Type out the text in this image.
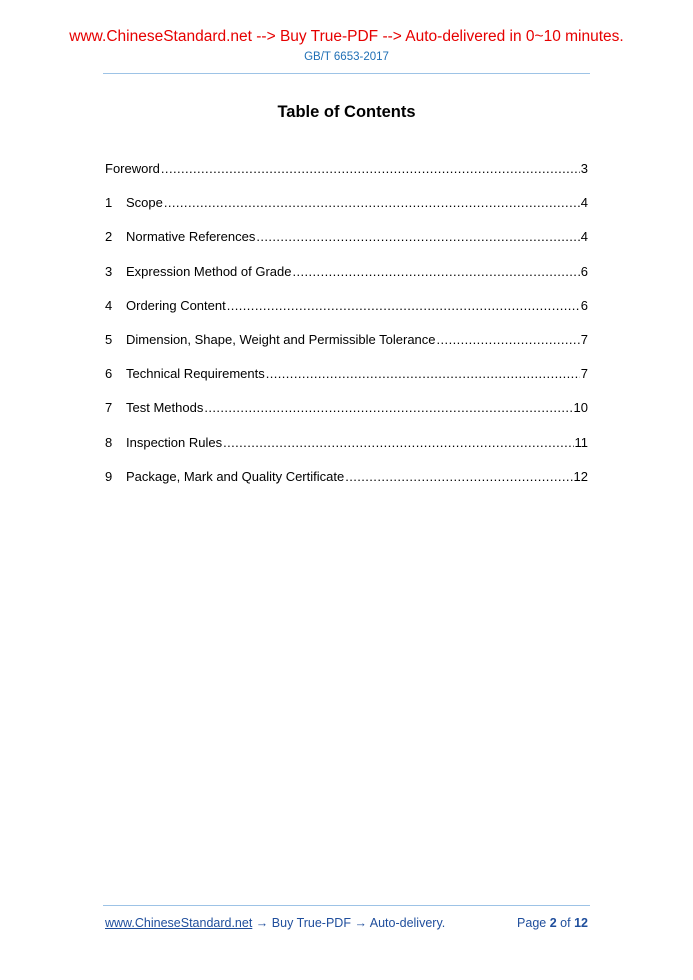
www.ChineseStandard.net --> Buy True-PDF --> Auto-delivered in 0~10 minutes.
GB/T 6653-2017
Table of Contents
Foreword .....	3
1	Scope .....	4
2	Normative References .....	4
3	Expression Method of Grade .....	6
4	Ordering Content .....	6
5	Dimension, Shape, Weight and Permissible Tolerance .....	7
6	Technical Requirements .....	7
7	Test Methods .....	10
8	Inspection Rules .....	11
9	Package, Mark and Quality Certificate .....	12
www.ChineseStandard.net → Buy True-PDF → Auto-delivery.	Page 2 of 12
